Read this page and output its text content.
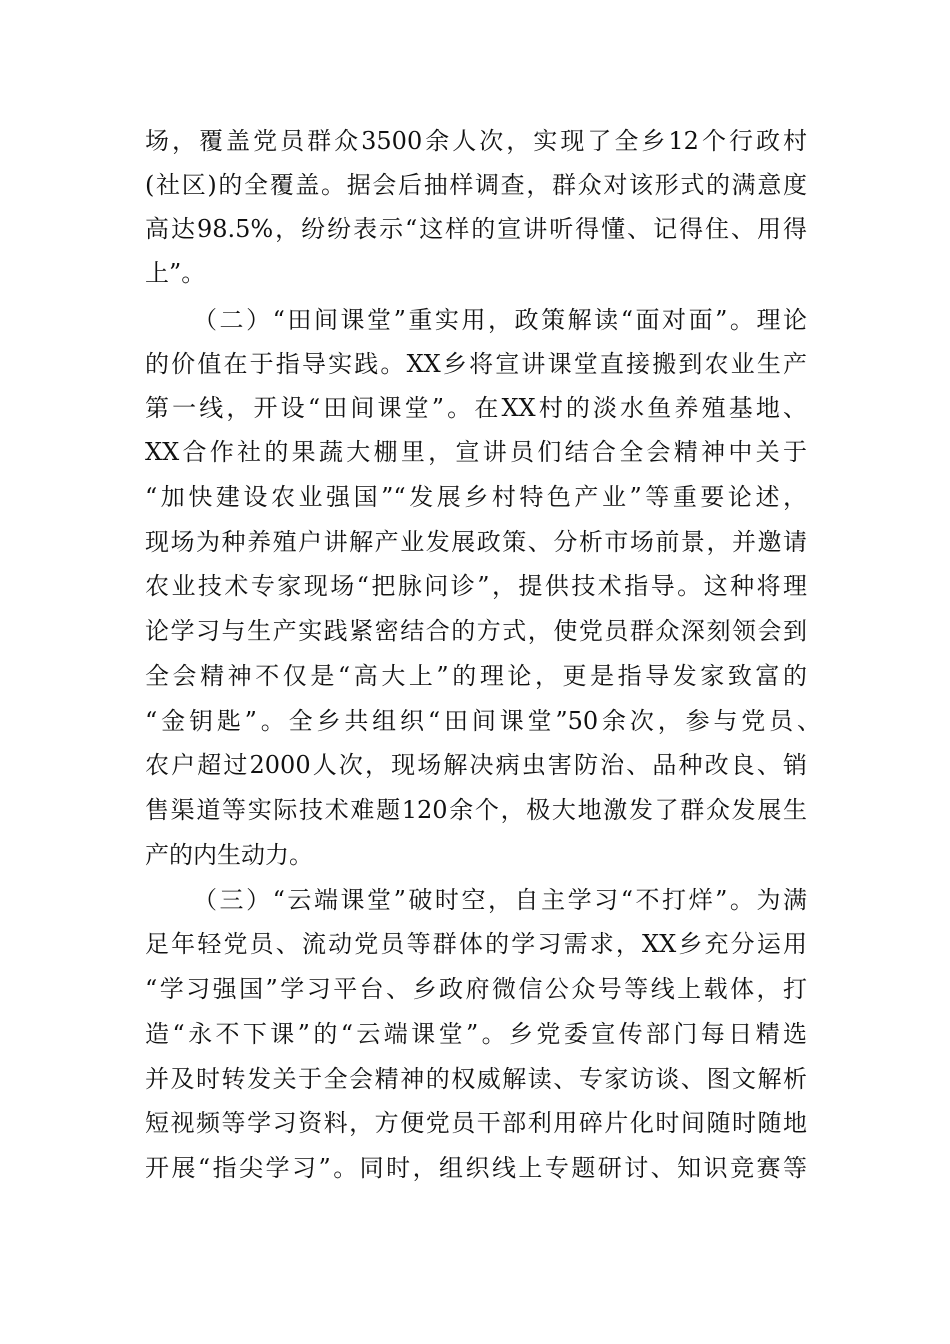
场，覆盖党员群众3500余人次，实现了全乡12个行政村
(社区)的全覆盖。据会后抽样调查，群众对该形式的满意度
高达98.5%，纷纷表示“这样的宣讲听得懂、记得住、用得
上”。
（二）“田间课堂”重实用，政策解读“面对面”。理论
的价值在于指导实践。XX乡将宣讲课堂直接搬到农业生产
第一线，开设“田间课堂”。在XX村的淡水鱼养殖基地、
XX合作社的果蔬大棚里，宣讲员们结合全会精神中关于
“加快建设农业强国”“发展乡村特色产业”等重要论述，
现场为种养殖户讲解产业发展政策、分析市场前景，并邀请
农业技术专家现场“把脉问诊”，提供技术指导。这种将理
论学习与生产实践紧密结合的方式，使党员群众深刻领会到
全会精神不仅是“高大上”的理论，更是指导发家致富的
“金钥匙”。全乡共组织“田间课堂”50余次，参与党员、
农户超过2000人次，现场解决病虫害防治、品种改良、销
售渠道等实际技术难题120余个，极大地激发了群众发展生
产的内生动力。
（三）“云端课堂”破时空，自主学习“不打烊”。为满
足年轻党员、流动党员等群体的学习需求，XX乡充分运用
“学习强国”学习平台、乡政府微信公众号等线上载体，打
造“永不下课”的“云端课堂”。乡党委宣传部门每日精选
并及时转发关于全会精神的权威解读、专家访谈、图文解析
短视频等学习资料，方便党员干部利用碎片化时间随时随地
开展“指尖学习”。同时，组织线上专题研讨、知识竞赛等
